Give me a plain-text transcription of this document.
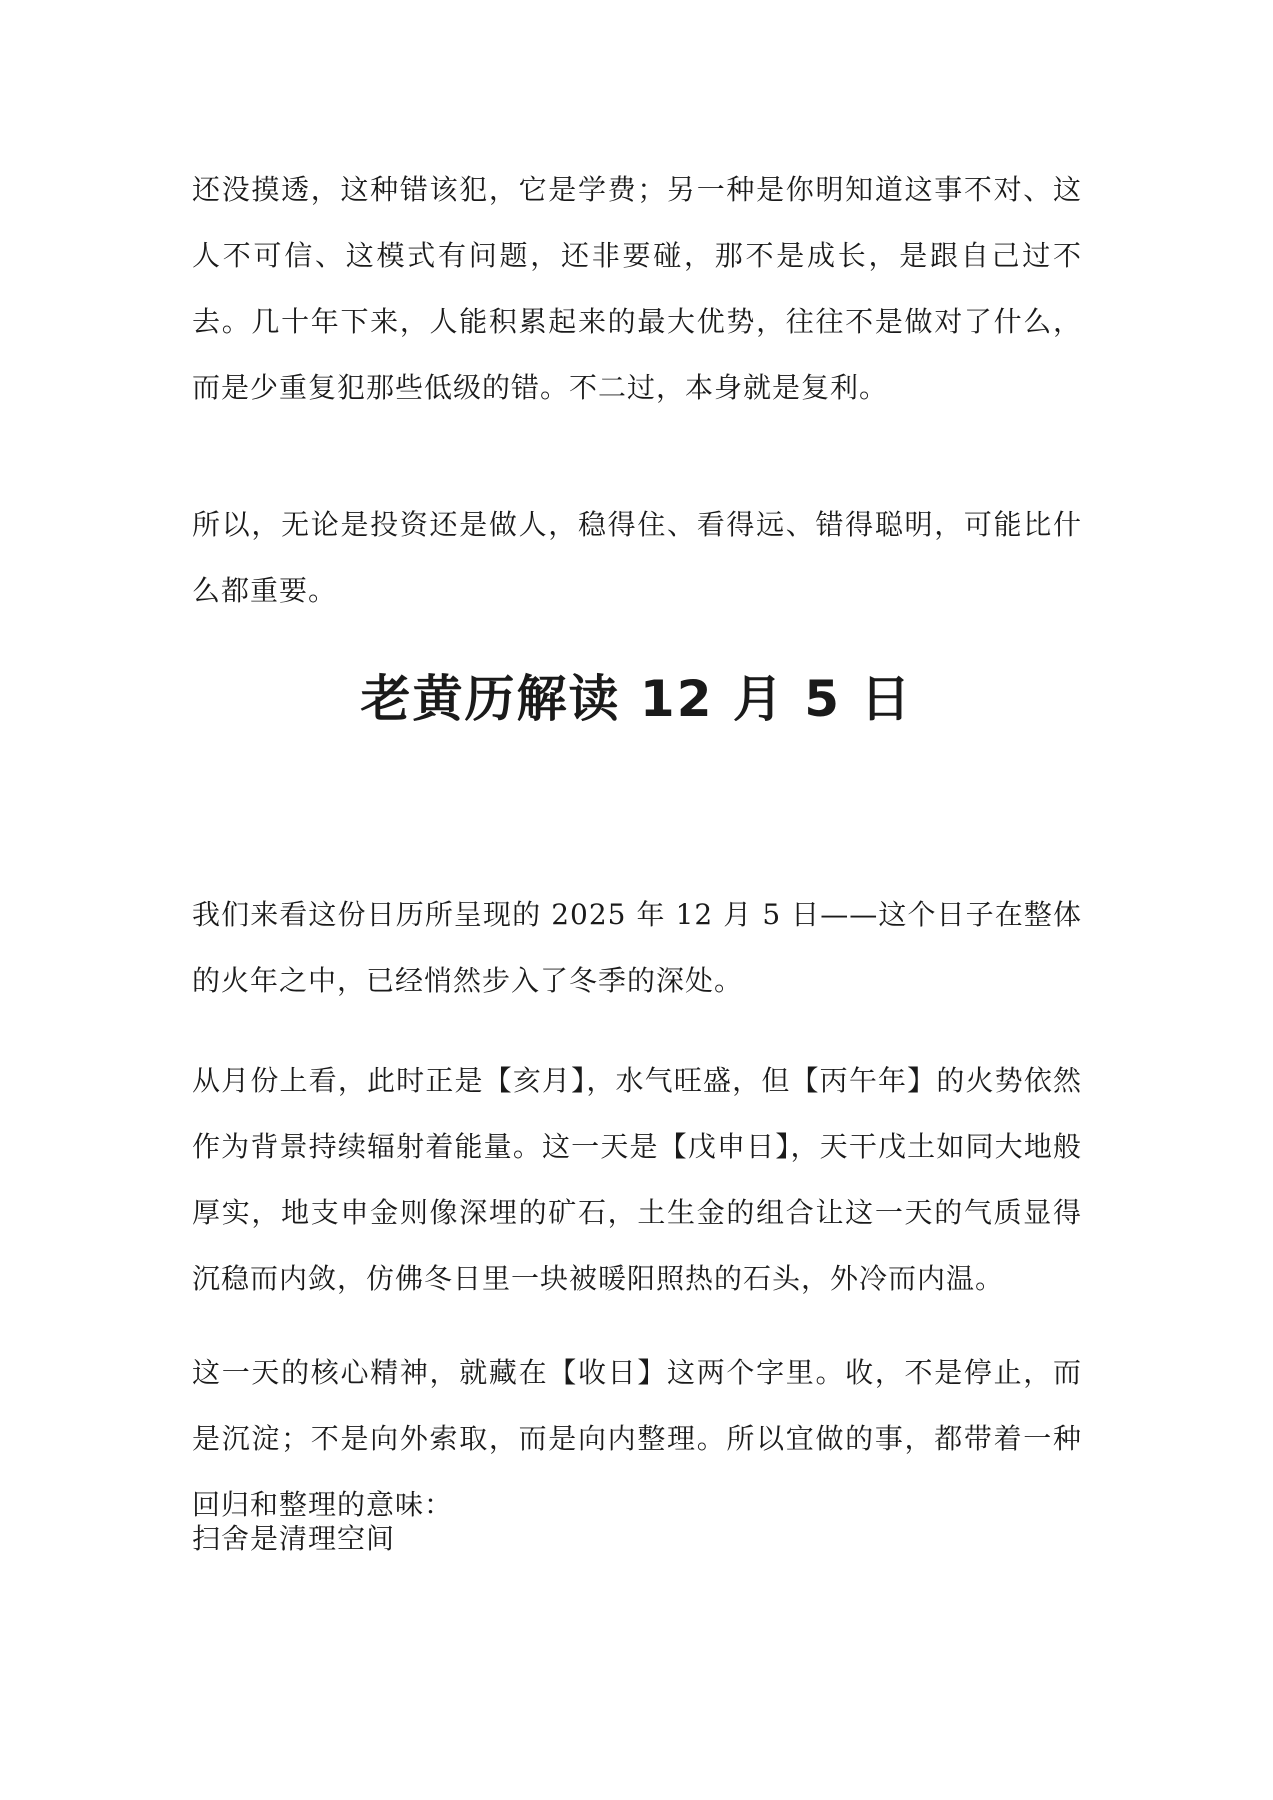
还没摸透，这种错该犯，它是学费；另一种是你明知道这事不对、这人不可信、这模式有问题，还非要碰，那不是成长，是跟自己过不去。几十年下来，人能积累起来的最大优势，往往不是做对了什么，而是少重复犯那些低级的错。不二过，本身就是复利。

所以，无论是投资还是做人，稳得住、看得远、错得聪明，可能比什么都重要。

老黄历解读 12 月 5 日

我们来看这份日历所呈现的 2025 年 12 月 5 日——这个日子在整体的火年之中，已经悄然步入了冬季的深处。

从月份上看，此时正是【亥月】，水气旺盛，但【丙午年】的火势依然作为背景持续辐射着能量。这一天是【戊申日】，天干戊土如同大地般厚实，地支申金则像深埋的矿石，土生金的组合让这一天的气质显得沉稳而内敛，仿佛冬日里一块被暖阳照热的石头，外冷而内温。

这一天的核心精神，就藏在【收日】这两个字里。收，不是停止，而是沉淀；不是向外索取，而是向内整理。所以宜做的事，都带着一种回归和整理的意味：

扫舍是清理空间
